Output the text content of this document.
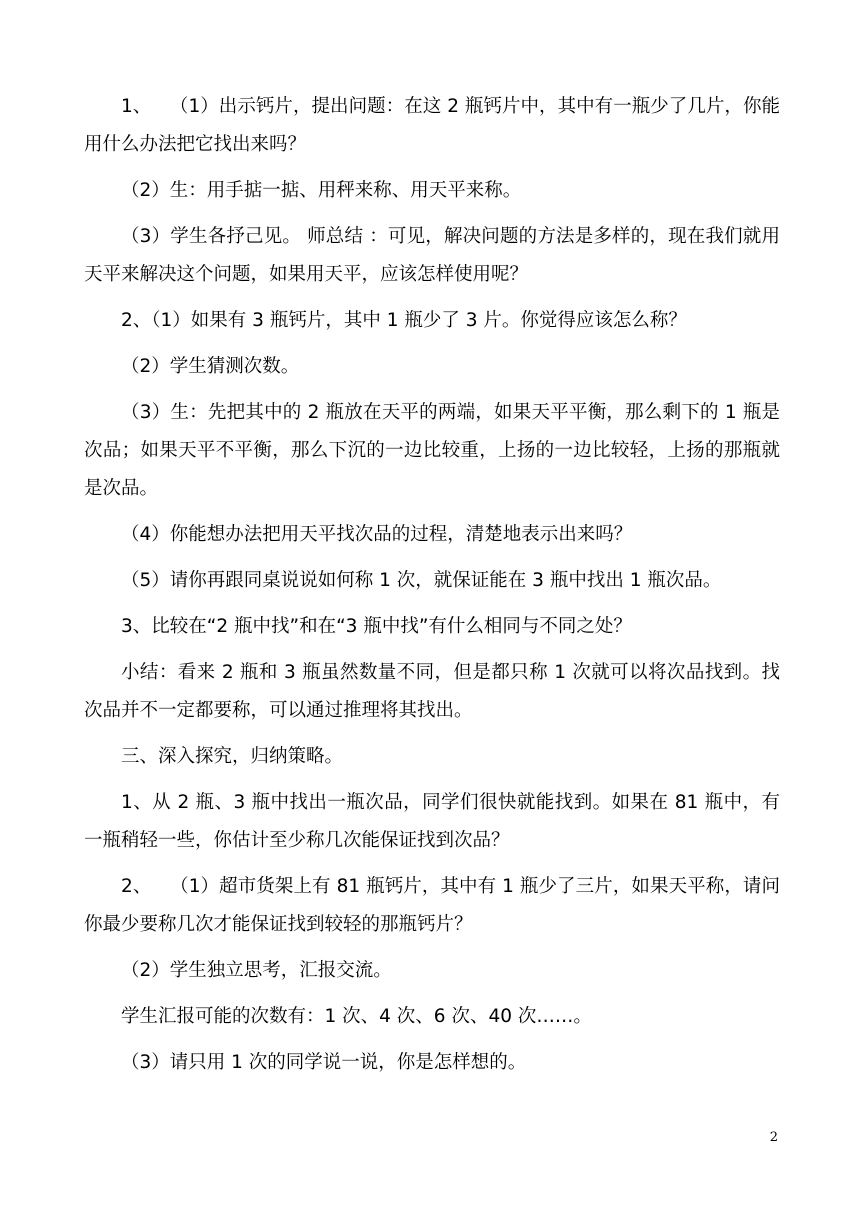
1、　　（1）出示钙片，提出问题：在这 2 瓶钙片中，其中有一瓶少了几片，你能用什么办法把它找出来吗？

（2）生：用手掂一掂、用秤来称、用天平来称。

（3）学生各抒己见。 师总结 ：可见，解决问题的方法是多样的，现在我们就用天平来解决这个问题，如果用天平，应该怎样使用呢？

2、（1）如果有 3 瓶钙片，其中 1 瓶少了 3 片。你觉得应该怎么称？

（2）学生猜测次数。

（3）生：先把其中的 2 瓶放在天平的两端，如果天平平衡，那么剩下的 1 瓶是次品；如果天平不平衡，那么下沉的一边比较重，上扬的一边比较轻，上扬的那瓶就是次品。

（4）你能想办法把用天平找次品的过程，清楚地表示出来吗？

（5）请你再跟同桌说说如何称 1 次，就保证能在 3 瓶中找出 1 瓶次品。

3、比较在“2 瓶中找”和在“3 瓶中找”有什么相同与不同之处？

小结：看来 2 瓶和 3 瓶虽然数量不同，但是都只称 1 次就可以将次品找到。找次品并不一定都要称，可以通过推理将其找出。

三、深入探究，归纳策略。

1、从 2 瓶、3 瓶中找出一瓶次品，同学们很快就能找到。如果在 81 瓶中，有一瓶稍轻一些，你估计至少称几次能保证找到次品？

2、　　（1）超市货架上有 81 瓶钙片，其中有 1 瓶少了三片，如果天平称，请问你最少要称几次才能保证找到较轻的那瓶钙片？

（2）学生独立思考，汇报交流。

学生汇报可能的次数有：1 次、4 次、6 次、40 次……。

（3）请只用 1 次的同学说一说，你是怎样想的。

2
